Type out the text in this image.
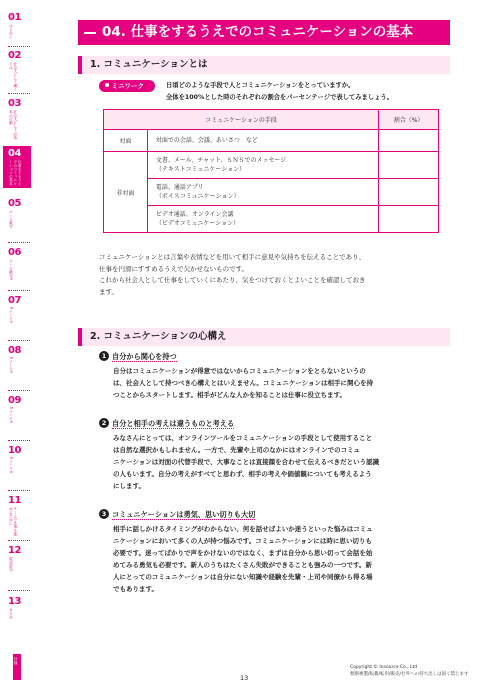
01
はじめに
02
社会人として働くとは
03
社会人としての基本の行動
04
仕事をするうえでのコミュニケーションの基本
05
ルール厳守
06
ルール厳守②
07
Eメール①
08
Eメール②
09
Eメール③
10
Eメール④
11
チームで仕事を進めるために
12
電話応対
13
まとめ
付録
04. 仕事をするうえでのコミュニケーションの基本
1. コミュニケーションとは
ミニワーク	日頃どのような手段で人とコミュニケーションをとっていますか。
全体を100%とした時のそれぞれの割合をパーセンテージで表してみましょう。
コミュニケーションの手段		割合（%）
対面	対面での会話、会議、あいさつ　など	
非対面	文書、メール、チャット、ＳＮＳでのメッセージ
（テキストコミュニケーション）	

	電話、通話アプリ
（ボイスコミュニケーション）	

	ビデオ通話、オンライン会議
（ビデオコミュニケーション）	

コミュニケーションとは言葉や表情などを用いて相手に意見や気持ちを伝えることであり、
仕事を円滑にすすめるうえで欠かせないものです。
これから社会人として仕事をしていくにあたり、気をつけておくとよいことを確認しておき
ます。
2. コミュニケーションの心構え
1 自分から関心を持つ
自分はコミュニケーションが得意ではないからコミュニケーションをとらないというの
は、社会人として持つべき心構えとはいえません。コミュニケーションは相手に関心を持
つことからスタートします。相手がどんな人かを知ることは仕事に役立ちます。
2 自分と相手の考えは違うものと考える
みなさんにとっては、オンラインツールをコミュニケーションの手段として使用すること
は自然な選択かもしれません。一方で、先輩や上司のなかにはオンラインでのコミュ
ニケーションは対面の代替手段で、大事なことは直接顔を合わせて伝えるべきだという認識
の人もいます。自分の考えがすべてと思わず、相手の考えや価値観についても考えるよう
にします。
3 コミュニケーションは勇気、思い切りも大切
相手に話しかけるタイミングがわからない、何を話せばよいか迷うといった悩みはコミュ
ニケーションにおいて多くの人が持つ悩みです。コミュニケーションには時に思い切りも
必要です。迷ってばかりで声をかけないのではなく、まずは自分から思い切って会話を始
めてみる勇気も必要です。新人のうちはたくさん失敗ができることも強みの一つです。新
人にとってのコミュニケーションは自分にない知識や経験を先輩・上司や同僚から得る場
でもあります。
13
Copyright © Insource Co., Ltd
無断複製/転載/転用/販売/社外への持ち出しは固く禁じます
